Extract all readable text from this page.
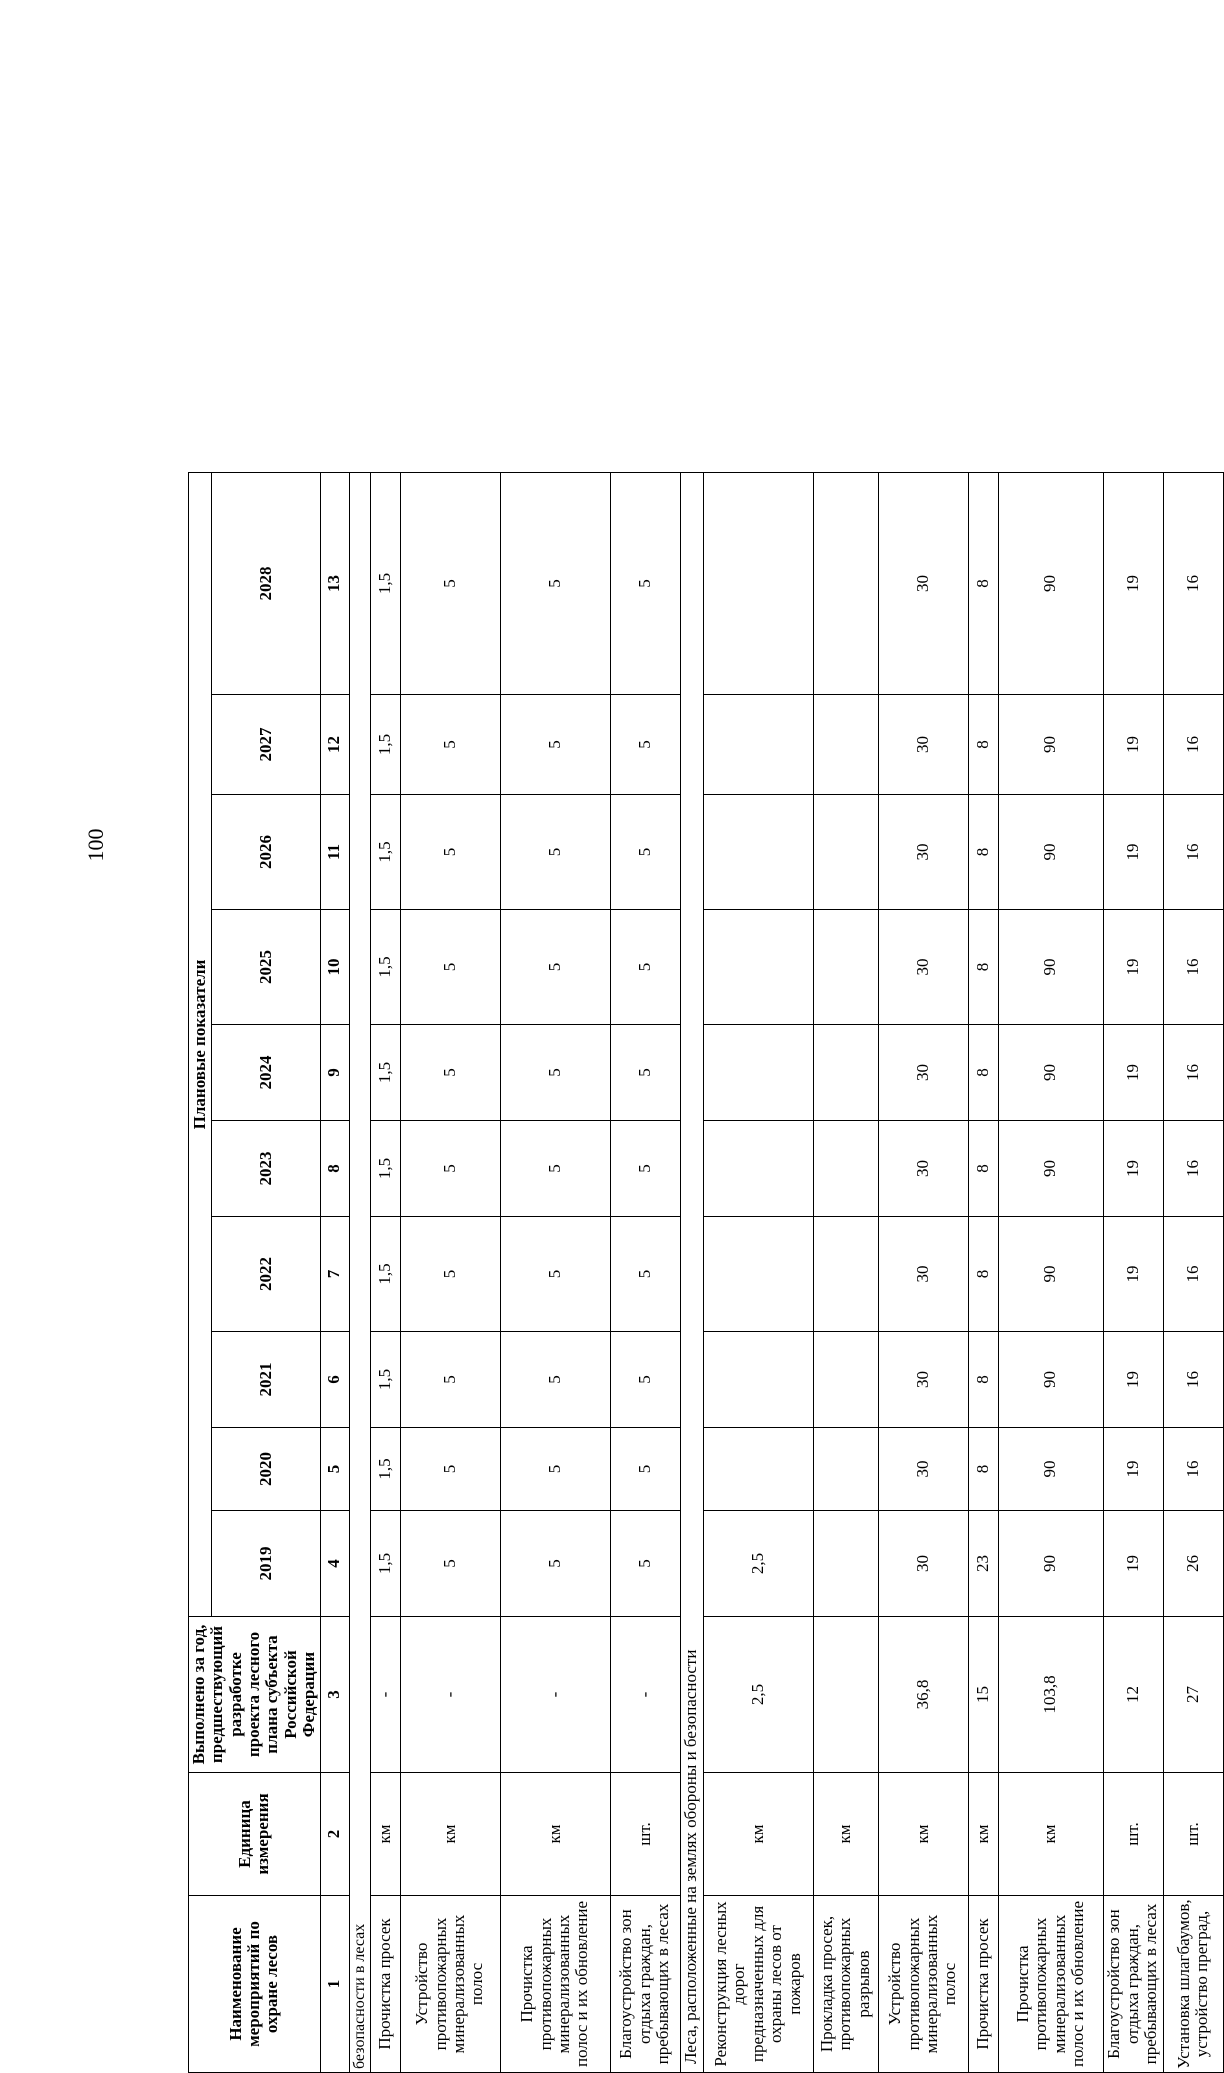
100
Наименование мероприятий по охране лесов	Единица измерения	Выполнено за год, предшествующий разработке проекта лесного плана субъекта Российской Федерации	Плановые показатели									
			2019	2020	2021	2022	2023	2024	2025	2026	2027	2028
1	2	3	4	5	6	7	8	9	10	11	12	13
безопасности в лесах												
Прочистка просек	км	-	1,5	1,5	1,5	1,5	1,5	1,5	1,5	1,5	1,5	1,5
Устройство противопожарных минерализованных полос	км	-	5	5	5	5	5	5	5	5	5	5
Прочистка противопожарных минерализованных полос и их обновление	км	-	5	5	5	5	5	5	5	5	5	5
Благоустройство зон отдыха граждан, пребывающих в лесах	шт.	-	5	5	5	5	5	5	5	5	5	5
Леса, расположенные на землях обороны и безопасности												
Реконструкция лесных дорог предназначенных для охраны лесов от пожаров	км	2,5	2,5									
Прокладка просек, противопожарных разрывов	км											
Устройство противопожарных минерализованных полос	км	36,8	30	30	30	30	30	30	30	30	30	30
Прочистка просек	км	15	23	8	8	8	8	8	8	8	8	8
Прочистка противопожарных минерализованных полос и их обновление	км	103,8	90	90	90	90	90	90	90	90	90	90
Благоустройство зон отдыха граждан, пребывающих в лесах	шт.	12	19	19	19	19	19	19	19	19	19	19
Установка шлагбаумов, устройство преград,	шт.	27	26	16	16	16	16	16	16	16	16	16
